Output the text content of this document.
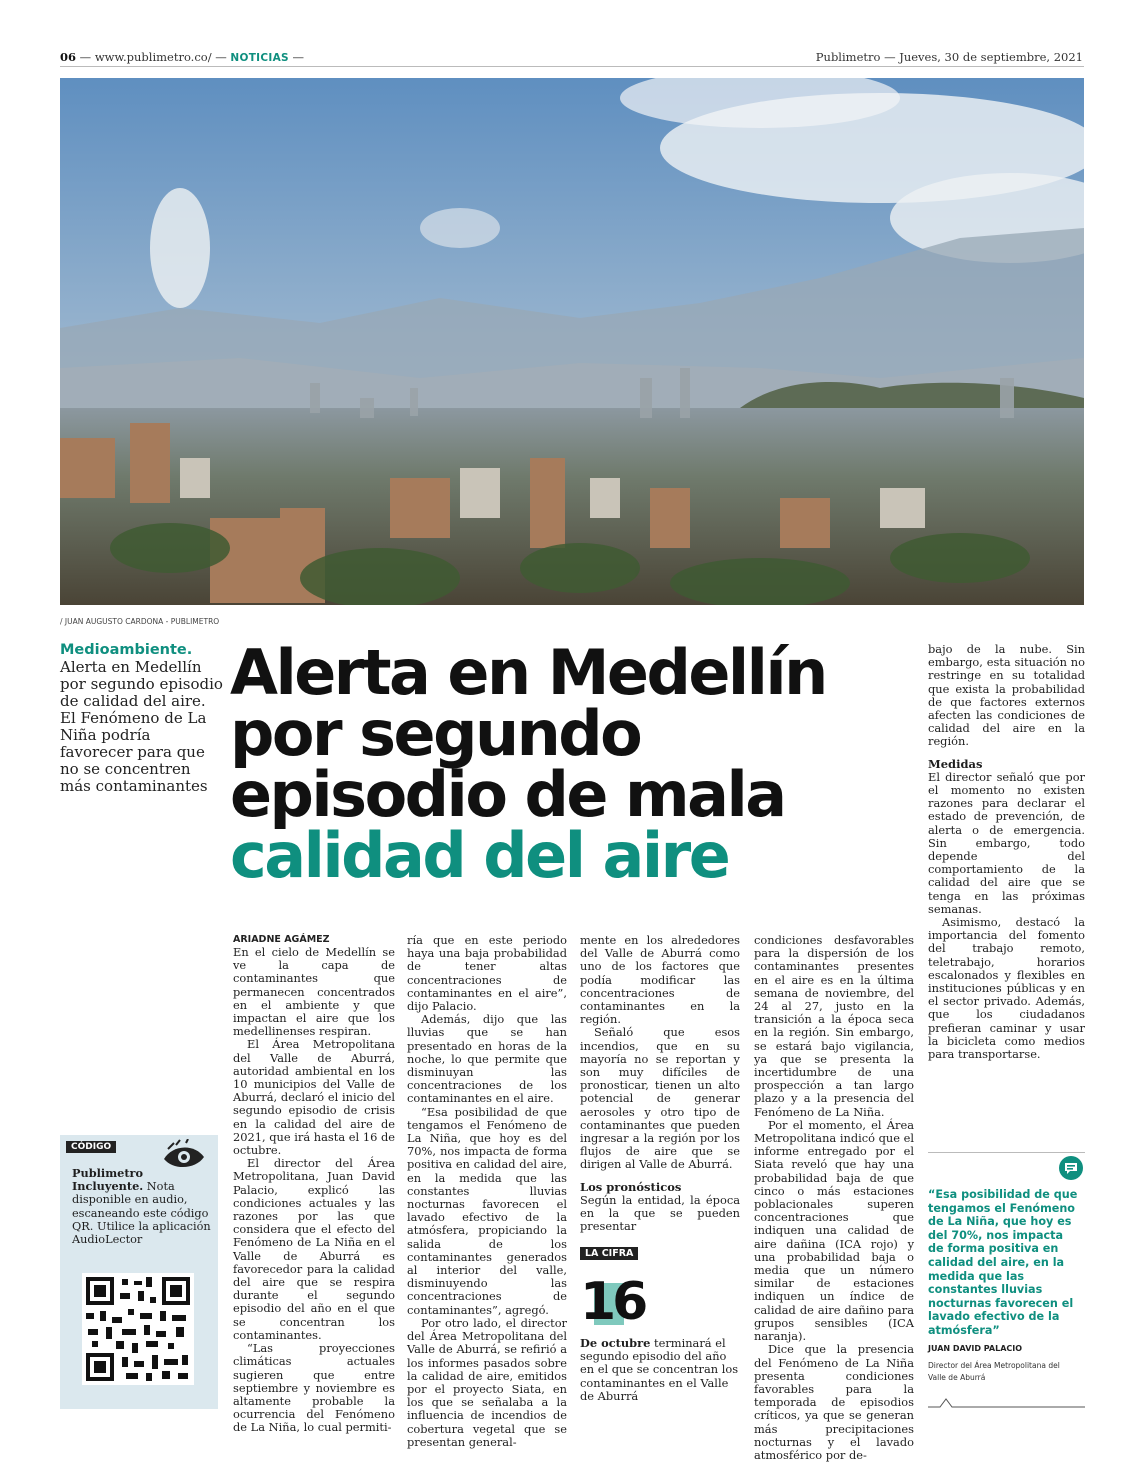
06 — www.publimetro.co/ — NOTICIAS —	Publimetro — Jueves, 30 de septiembre, 2021
/ JUAN AUGUSTO CARDONA - PUBLIMETRO
Medioambiente.
Alerta en Medellín por segundo episodio de calidad del aire. El Fenómeno de La Niña podría favorecer para que no se concentren más contaminantes
Alerta en Medellín
por segundo
episodio de mala
calidad del aire
ARIADNE AGÁMEZ

En el cielo de Medellín se ve la capa de contaminantes que permanecen concentrados en el ambiente y que impactan el aire que los medellinenses respiran.

El Área Metropolitana del Valle de Aburrá, autoridad ambiental en los 10 municipios del Valle de Aburrá, declaró el inicio del segundo episodio de crisis en la calidad del aire de 2021, que irá hasta el 16 de octubre.

El director del Área Metropolitana, Juan David Palacio, explicó las condiciones actuales y las razones por las que considera que el efecto del Fenómeno de La Niña en el Valle de Aburrá es favorecedor para la calidad del aire que se respira durante el segundo episodio del año en el que se concentran los contaminantes.

“Las proyecciones climáticas actuales sugieren que entre septiembre y noviembre es altamente probable la ocurrencia del Fenómeno de La Niña, lo cual permiti-

ría que en este periodo haya una baja probabilidad de tener altas concentraciones de contaminantes en el aire”, dijo Palacio.

Además, dijo que las lluvias que se han presentado en horas de la noche, lo que permite que disminuyan las concentraciones de los contaminantes en el aire.

“Esa posibilidad de que tengamos el Fenómeno de La Niña, que hoy es del 70%, nos impacta de forma positiva en calidad del aire, en la medida que las constantes lluvias nocturnas favorecen el lavado efectivo de la atmósfera, propiciando la salida de los contaminantes generados al interior del valle, disminuyendo las concentraciones de contaminantes”, agregó.

Por otro lado, el director del Área Metropolitana del Valle de Aburrá, se refirió a los informes pasados sobre la calidad de aire, emitidos por el proyecto Siata, en los que se señalaba a la influencia de incendios de cobertura vegetal que se presentan general-

mente en los alrededores del Valle de Aburrá como uno de los factores que podía modificar las concentraciones de contaminantes en la región.

Señaló que esos incendios, que en su mayoría no se reportan y son muy difíciles de pronosticar, tienen un alto potencial de generar aerosoles y otro tipo de contaminantes que pueden ingresar a la región por los flujos de aire que se dirigen al Valle de Aburrá.

Los pronósticos

Según la entidad, la época en la que se pueden presentar

condiciones desfavorables para la dispersión de los contaminantes presentes en el aire es en la última semana de noviembre, del 24 al 27, justo en la transición a la época seca en la región. Sin embargo, se estará bajo vigilancia, ya que se presenta la incertidumbre de una prospección a tan largo plazo y a la presencia del Fenómeno de La Niña.

Por el momento, el Área Metropolitana indicó que el informe entregado por el Siata reveló que hay una probabilidad baja de que cinco o más estaciones poblacionales superen concentraciones que indiquen una calidad de aire dañina (ICA rojo) y una probabilidad baja o media que un número similar de estaciones indiquen un índice de calidad de aire dañino para grupos sensibles (ICA naranja).

Dice que la presencia del Fenómeno de La Niña presenta condiciones favorables para la temporada de episodios críticos, ya que se generan más precipitaciones nocturnas y el lavado atmosférico por de-

bajo de la nube. Sin embargo, esta situación no restringe en su totalidad que exista la probabilidad de que factores externos afecten las condiciones de calidad del aire en la región.

Medidas

El director señaló que por el momento no existen razones para declarar el estado de prevención, de alerta o de emergencia. Sin embargo, todo depende del comportamiento de la calidad del aire que se tenga en las próximas semanas.

Asimismo, destacó la importancia del fomento del trabajo remoto, teletrabajo, horarios escalonados y flexibles en instituciones públicas y en el sector privado. Además, que los ciudadanos prefieran caminar y usar la bicicleta como medios para transportarse.

CÓDIGO
Publimetro Incluyente. Nota disponible en audio, escaneando este código QR. Utilice la aplicación AudioLector
LA CIFRA
16
De octubre terminará el segundo episodio del año en el que se concentran los contaminantes en el Valle de Aburrá
“Esa posibilidad de que tengamos el Fenómeno de La Niña, que hoy es del 70%, nos impacta de forma positiva en calidad del aire, en la medida que las constantes lluvias nocturnas favorecen el lavado efectivo de la atmósfera”
JUAN DAVID PALACIO
Director del Área Metropolitana del Valle de Aburrá
